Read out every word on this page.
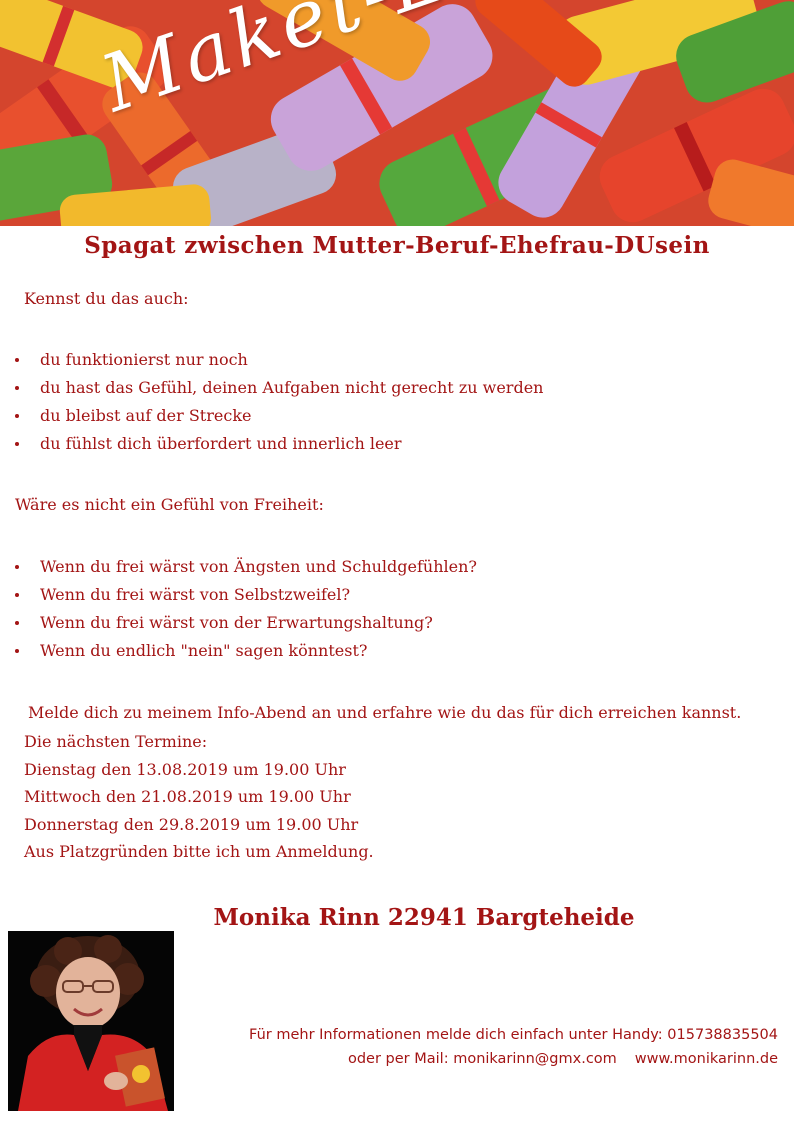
Spagat zwischen Mutter-Beruf-Ehefrau-DUsein
Kennst du das auch:
du funktionierst nur noch
du hast das Gefühl, deinen Aufgaben nicht gerecht zu werden
du bleibst auf der Strecke
du fühlst dich überfordert und innerlich leer
Wäre es nicht ein Gefühl von Freiheit:
Wenn du frei wärst von Ängsten und Schuldgefühlen?
Wenn du frei wärst von Selbstzweifel?
Wenn du frei wärst von der Erwartungshaltung?
Wenn du endlich "nein" sagen könntest?
Melde dich zu meinem Info-Abend an und erfahre wie du das für dich erreichen kannst.
Die nächsten Termine:
Dienstag den 13.08.2019 um 19.00 Uhr
Mittwoch den 21.08.2019 um 19.00 Uhr
Donnerstag den 29.8.2019 um 19.00 Uhr
Aus Platzgründen bitte ich um Anmeldung.
Monika Rinn 22941 Bargteheide
Für mehr Informationen melde dich einfach unter Handy: 015738835504
oder per Mail: monikarinn@gmx.com www.monikarinn.de
